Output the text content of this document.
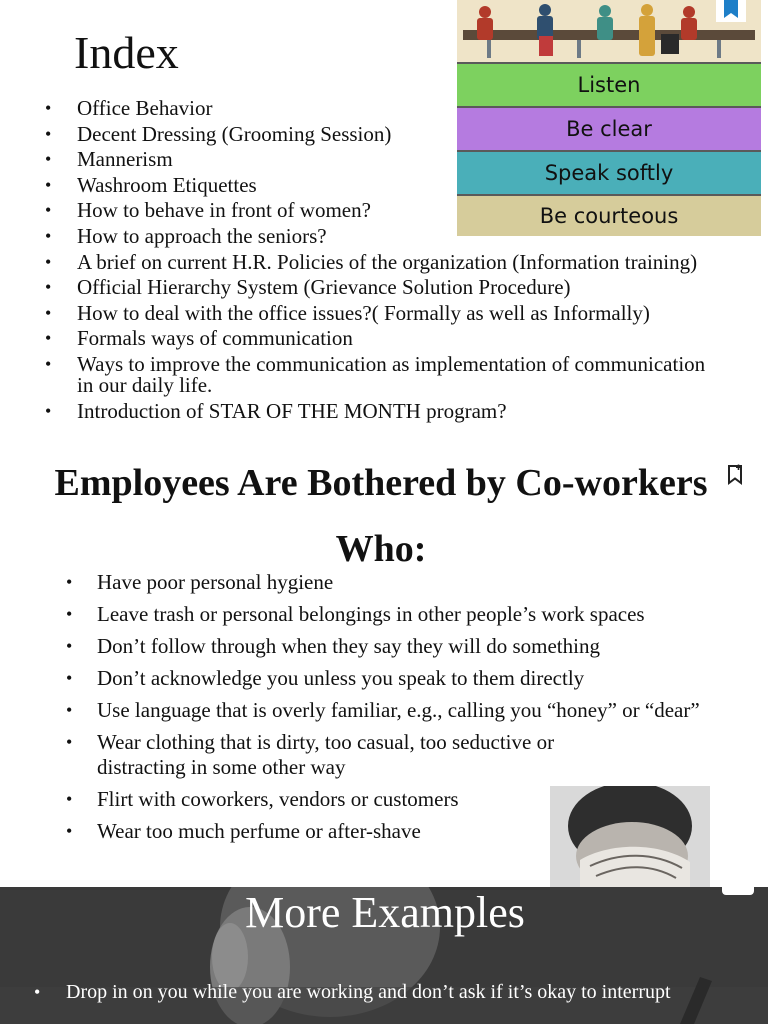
Index
• Office Behavior
• Decent Dressing (Grooming Session)
• Mannerism
• Washroom Etiquettes
• How to behave in front of women?
• How to approach the seniors?
• A brief on current H.R. Policies of the organization (Information training)
• Official Hierarchy System (Grievance Solution Procedure)
• How to deal with the office issues?( Formally as well as Informally)
• Formals ways of communication
• Ways to improve the communication as implementation of communication in our daily life.
• Introduction of STAR OF THE MONTH program?
Listen
Be clear
Speak softly
Be courteous
Employees Are Bothered by Co-workers Who:
• Have poor personal hygiene
• Leave trash or personal belongings in other people’s work spaces
• Don’t follow through when they say they will do something
• Don’t acknowledge you unless you speak to them directly
• Use language that is overly familiar, e.g., calling you “honey” or “dear”
• Wear clothing that is dirty, too casual, too seductive or distracting in some other way
• Flirt with coworkers, vendors or customers
• Wear too much perfume or after-shave
More Examples
• Drop in on you while you are working and don’t ask if it’s okay to interrupt
